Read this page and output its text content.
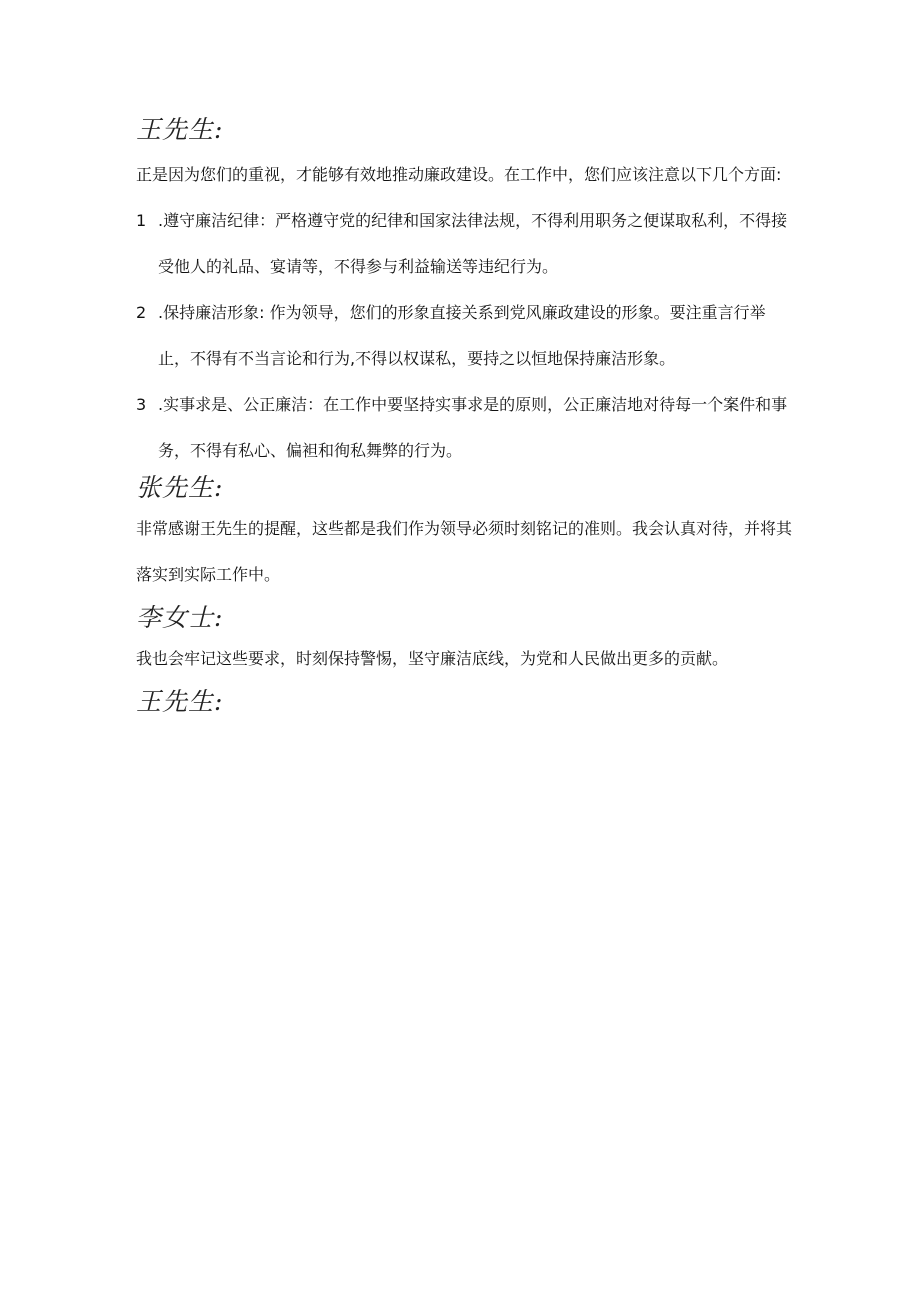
王先生:

正是因为您们的重视，才能够有效地推动廉政建设。在工作中，您们应该注意以下几个方面:

1 .遵守廉洁纪律：严格遵守党的纪律和国家法律法规，不得利用职务之便谋取私利，不得接受他人的礼品、宴请等，不得参与利益输送等违纪行为。
2 .保持廉洁形象: 作为领导，您们的形象直接关系到党风廉政建设的形象。要注重言行举止，不得有不当言论和行为,不得以权谋私，要持之以恒地保持廉洁形象。
3 .实事求是、公正廉洁：在工作中要坚持实事求是的原则，公正廉洁地对待每一个案件和事务，不得有私心、偏袒和徇私舞弊的行为。

张先生:

非常感谢王先生的提醒，这些都是我们作为领导必须时刻铭记的准则。我会认真对待，并将其落实到实际工作中。

李女士:

我也会牢记这些要求，时刻保持警惕，坚守廉洁底线，为党和人民做出更多的贡献。

王先生:
